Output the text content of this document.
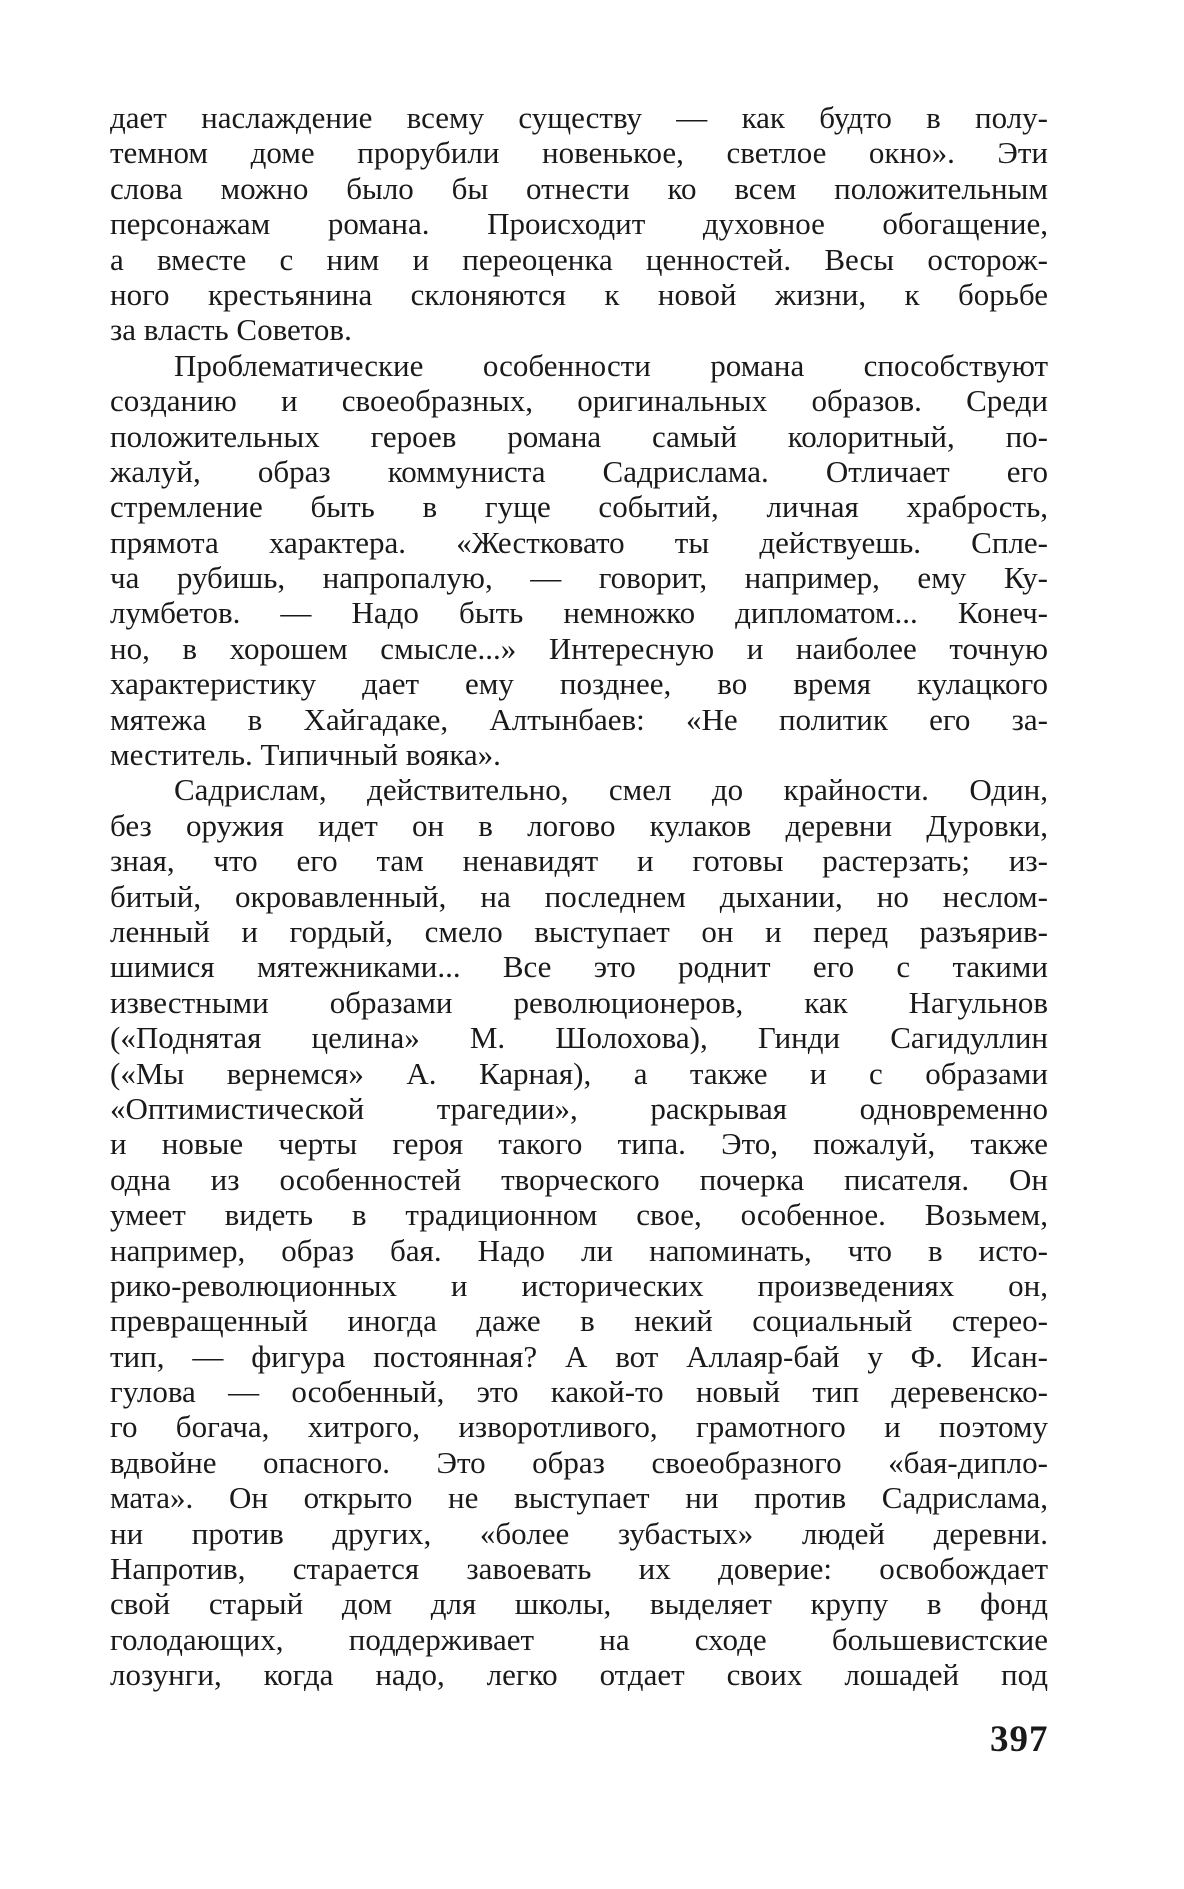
дает наслаждение всему существу — как будто в полу-
темном доме прорубили новенькое, светлое окно». Эти
слова можно было бы отнести ко всем положительным
персонажам романа. Происходит духовное обогащение,
а вместе с ним и переоценка ценностей. Весы осторож-
ного крестьянина склоняются к новой жизни, к борьбе
за власть Советов.
Проблематические особенности романа способствуют
созданию и своеобразных, оригинальных образов. Среди
положительных героев романа самый колоритный, по-
жалуй, образ коммуниста Садрислама. Отличает его
стремление быть в гуще событий, личная храбрость,
прямота характера. «Жестковато ты действуешь. Спле-
ча рубишь, напропалую, — говорит, например, ему Ку-
лумбетов. — Надо быть немножко дипломатом... Конеч-
но, в хорошем смысле...» Интересную и наиболее точную
характеристику дает ему позднее, во время кулацкого
мятежа в Хайгадаке, Алтынбаев: «Не политик его за-
меститель. Типичный вояка».
Садрислам, действительно, смел до крайности. Один,
без оружия идет он в логово кулаков деревни Дуровки,
зная, что его там ненавидят и готовы растерзать; из-
битый, окровавленный, на последнем дыхании, но неслом-
ленный и гордый, смело выступает он и перед разъярив-
шимися мятежниками... Все это роднит его с такими
известными образами революционеров, как Нагульнов
(«Поднятая целина» М. Шолохова), Гинди Сагидуллин
(«Мы вернемся» А. Карная), а также и с образами
«Оптимистической трагедии», раскрывая одновременно
и новые черты героя такого типа. Это, пожалуй, также
одна из особенностей творческого почерка писателя. Он
умеет видеть в традиционном свое, особенное. Возьмем,
например, образ бая. Надо ли напоминать, что в исто-
рико-революционных и исторических произведениях он,
превращенный иногда даже в некий социальный стерео-
тип, — фигура постоянная? А вот Аллаяр-бай у Ф. Исан-
гулова — особенный, это какой-то новый тип деревенско-
го богача, хитрого, изворотливого, грамотного и поэтому
вдвойне опасного. Это образ своеобразного «бая-дипло-
мата». Он открыто не выступает ни против Садрислама,
ни против других, «более зубастых» людей деревни.
Напротив, старается завоевать их доверие: освобождает
свой старый дом для школы, выделяет крупу в фонд
голодающих, поддерживает на сходе большевистские
лозунги, когда надо, легко отдает своих лошадей под
397
